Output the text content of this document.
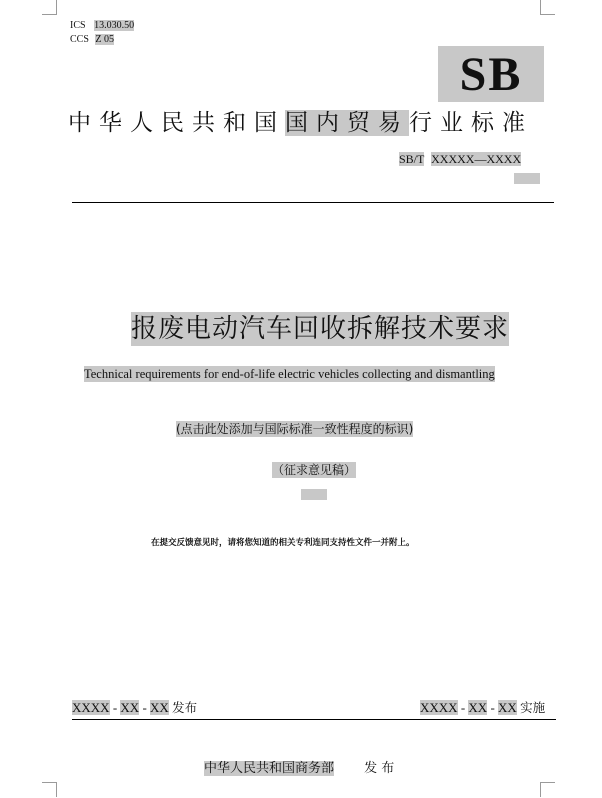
ICS 13.030.50
CCS Z 05
SB
中华人民共和国国内贸易行业标准
SB/T XXXXX—XXXX
报废电动汽车回收拆解技术要求
Technical requirements for end-of-life electric vehicles collecting and dismantling
(点击此处添加与国际标准一致性程度的标识)
（征求意见稿）
在提交反馈意见时，请将您知道的相关专利连同支持性文件一并附上。
XXXX - XX - XX 发布	XXXX - XX - XX 实施
中华人民共和国商务部 发 布
